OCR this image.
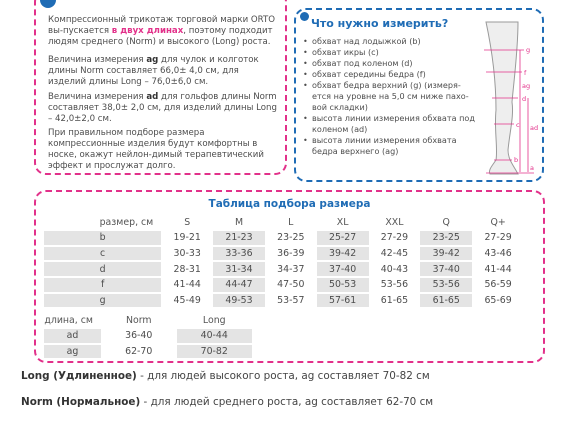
Компрессионный трикотаж торговой марки ORTO вы-пускается в двух длинах, поэтому подходит людям среднего (Norm) и высокого (Long) роста.

Величина измерения ag для чулок и колготок длины Norm составляет 66,0± 4,0 см, для изделий длины Long – 76,0±6,0 см.

Величина измерения ad для гольфов длины Norm составляет 38,0± 2,0 см, для изделий длины Long – 42,0±2,0 см.

При правильном подборе размера компрессионные изделия будут комфортны в носке, окажут нейлон-димый терапевтический эффект и прослужат долго.

Что нужно измерить?

• обхват над лодыжкой (b)
• обхват икры (c)
• обхват под коленом (d)
• обхват середины бедра (f)
• обхват бедра верхний (g) (измеря-ется на уровне на 5,0 см ниже пахо-вой складки)
• высота линии измерения обхвата под коленом (ad)
• высота линии измерения обхвата бедра верхнего (ag)
g
f
ag
d
ad
c
b
a

Таблица подбора размера

размер, см	S	M	L	XL	XXL	Q	Q+
b	19-21	21-23	23-25	25-27	27-29	23-25	27-29
c	30-33	33-36	36-39	39-42	42-45	39-42	43-46
d	28-31	31-34	34-37	37-40	40-43	37-40	41-44
f	41-44	44-47	47-50	50-53	53-56	53-56	56-59
g	45-49	49-53	53-57	57-61	61-65	61-65	65-69
длина, см	Norm	Long
ad	36-40	40-44
ag	62-70	70-82

Long (Удлиненное) - для людей высокого роста, ag составляет 70-82 см

Norm (Нормальное) - для людей среднего роста, ag составляет 62-70 см
